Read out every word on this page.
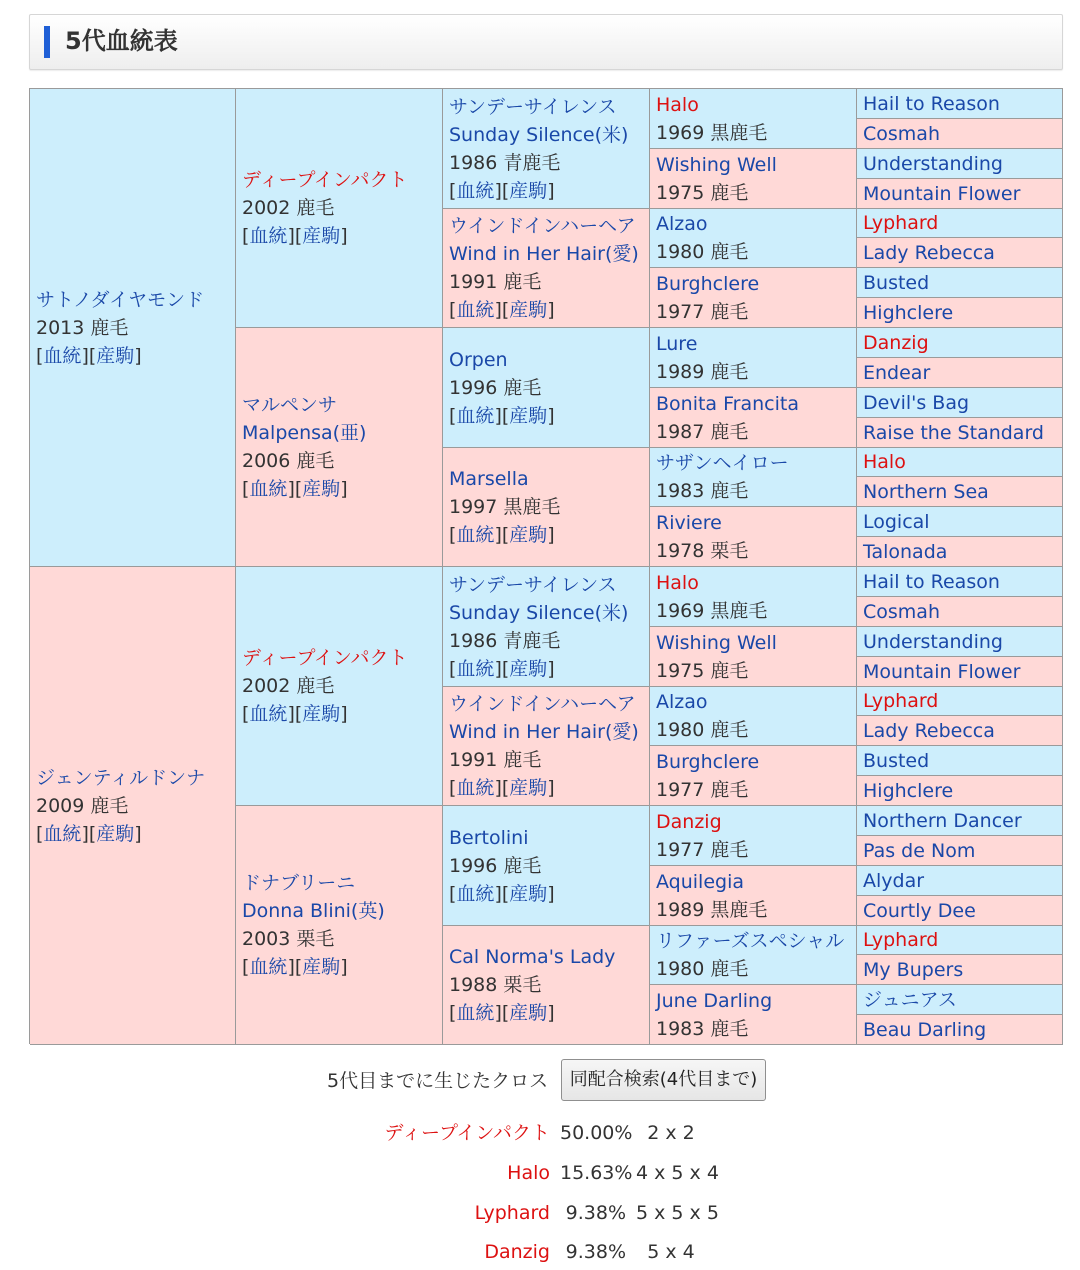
5代血統表
サトノダイヤモンド
2013 鹿毛
[血統][産駒]
ジェンティルドンナ
2009 鹿毛
[血統][産駒]
ディープインパクト
2002 鹿毛
[血統][産駒]
マルペンサ
Malpensa(亜)
2006 鹿毛
[血統][産駒]
ディープインパクト
2002 鹿毛
[血統][産駒]
ドナブリーニ
Donna Blini(英)
2003 栗毛
[血統][産駒]
サンデーサイレンス
Sunday Silence(米)
1986 青鹿毛
[血統][産駒]
ウインドインハーヘア
Wind in Her Hair(愛)
1991 鹿毛
[血統][産駒]
Orpen
1996 鹿毛
[血統][産駒]
Marsella
1997 黒鹿毛
[血統][産駒]
サンデーサイレンス
Sunday Silence(米)
1986 青鹿毛
[血統][産駒]
ウインドインハーヘア
Wind in Her Hair(愛)
1991 鹿毛
[血統][産駒]
Bertolini
1996 鹿毛
[血統][産駒]
Cal Norma's Lady
1988 栗毛
[血統][産駒]
Halo
1969 黒鹿毛
Wishing Well
1975 鹿毛
Alzao
1980 鹿毛
Burghclere
1977 鹿毛
Lure
1989 鹿毛
Bonita Francita
1987 鹿毛
サザンヘイロー
1983 鹿毛
Riviere
1978 栗毛
Halo
1969 黒鹿毛
Wishing Well
1975 鹿毛
Alzao
1980 鹿毛
Burghclere
1977 鹿毛
Danzig
1977 鹿毛
Aquilegia
1989 黒鹿毛
リファーズスペシャル
1980 鹿毛
June Darling
1983 鹿毛
Hail to Reason
Cosmah
Understanding
Mountain Flower
Lyphard
Lady Rebecca
Busted
Highclere
Danzig
Endear
Devil's Bag
Raise the Standard
Halo
Northern Sea
Logical
Talonada
Hail to Reason
Cosmah
Understanding
Mountain Flower
Lyphard
Lady Rebecca
Busted
Highclere
Northern Dancer
Pas de Nom
Alydar
Courtly Dee
Lyphard
My Bupers
ジュニアス
Beau Darling
5代目までに生じたクロス	同配合検索(4代目まで)
ディープインパクト 50.00% 2 x 2
Halo 15.63% 4 x 5 x 4
Lyphard 9.38% 5 x 5 x 5
Danzig 9.38%	5 x 4
